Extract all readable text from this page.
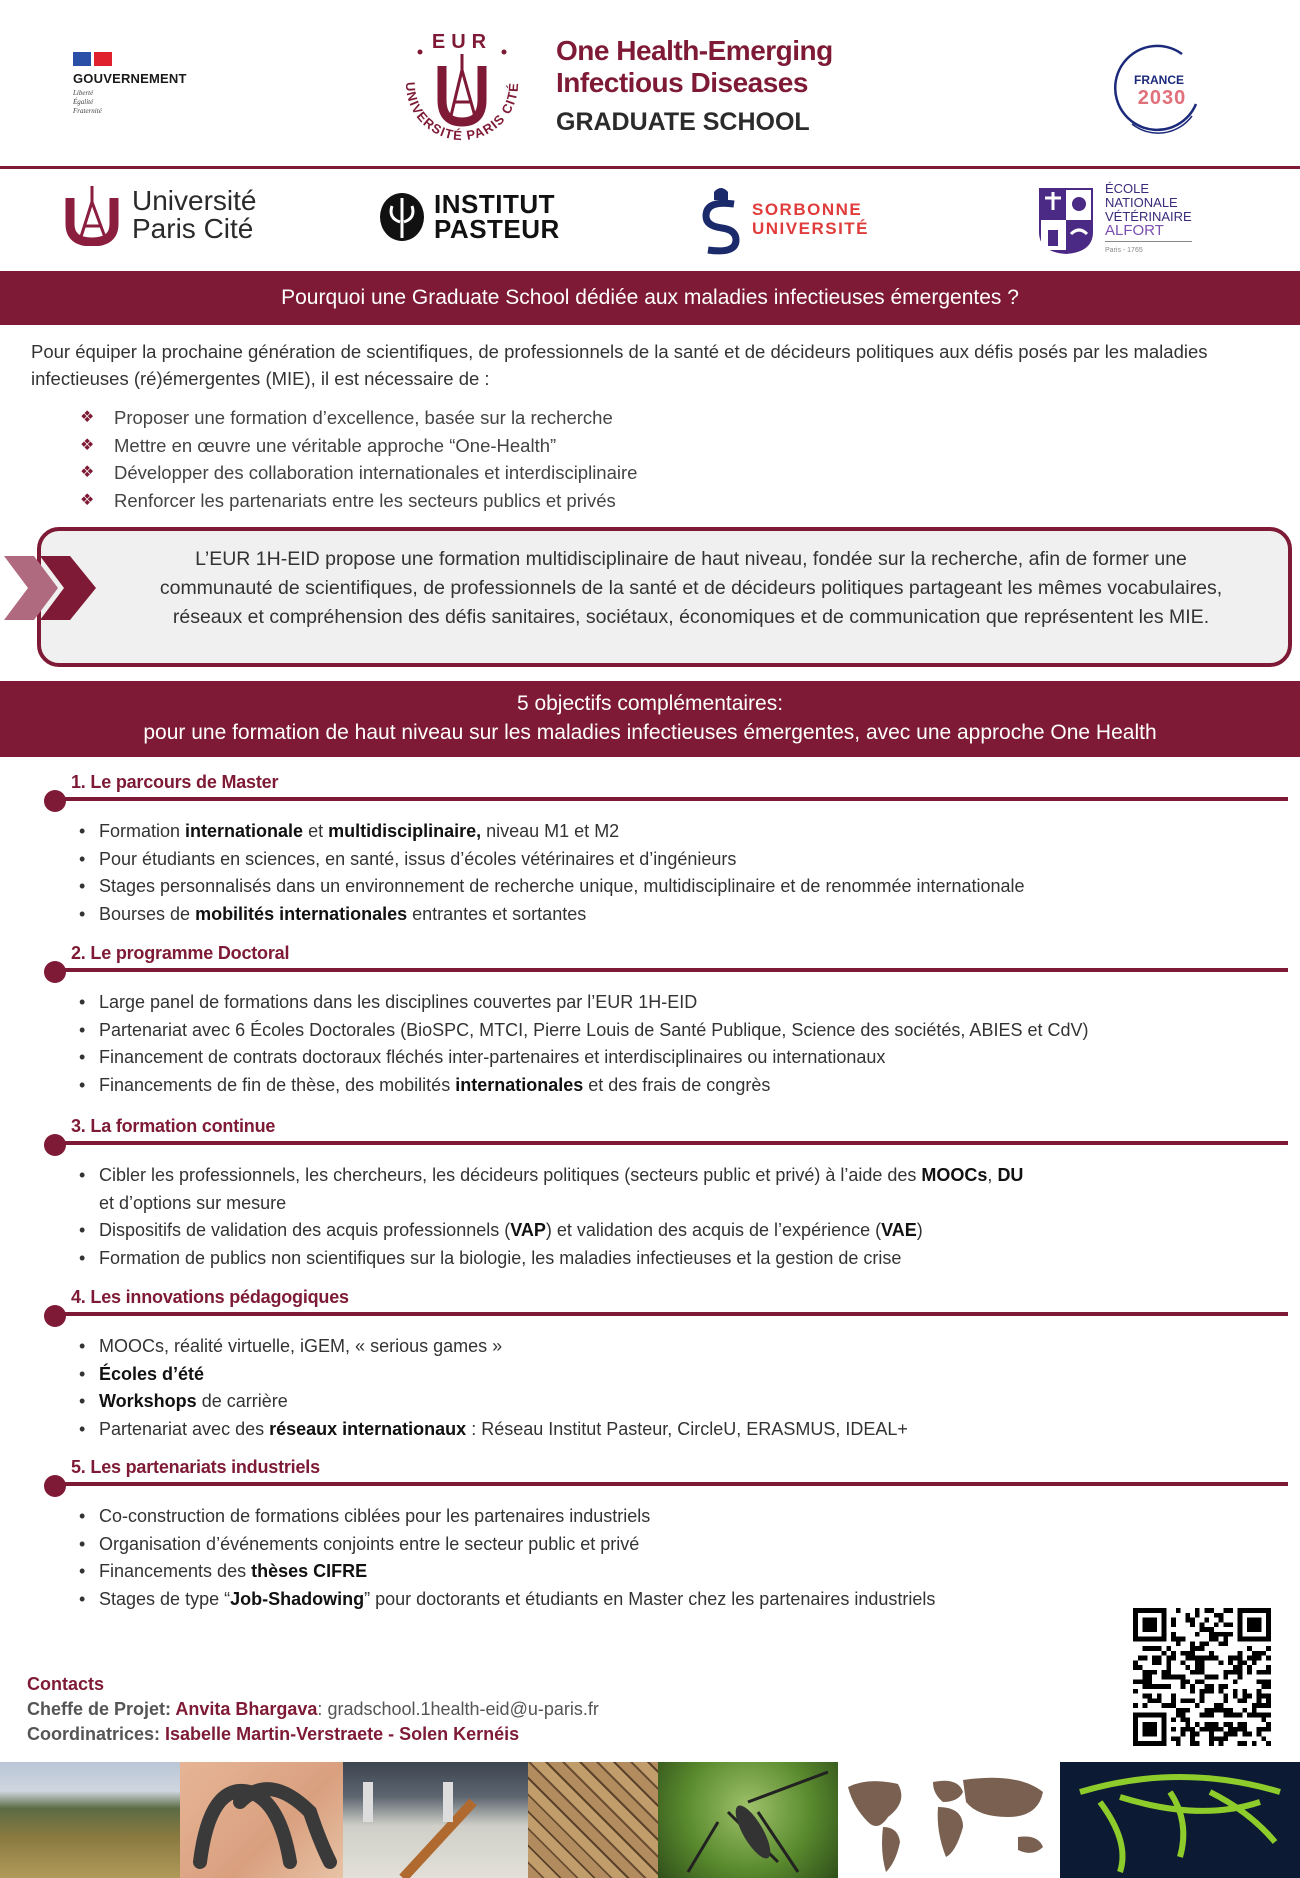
GOUVERNEMENT
Liberté
Égalité
Fraternité
EUR
UNIVERSITÉ PARIS CITÉ
One Health-Emerging
Infectious Diseases
GRADUATE SCHOOL
FRANCE
2030
Université
Paris Cité
INSTITUT
PASTEUR
SORBONNE
UNIVERSITÉ
ÉCOLE
NATIONALE
VÉTÉRINAIRE
ALFORT
Paris - 1765
Pourquoi une Graduate School dédiée aux maladies infectieuses émergentes ?
Pour équiper la prochaine génération de scientifiques, de professionnels de la santé et de décideurs politiques aux défis posés par les maladies infectieuses (ré)émergentes (MIE), il est nécessaire de :
❖	Proposer une formation d’excellence, basée sur la recherche
❖	Mettre en œuvre une véritable approche “One-Health”
❖	Développer des collaboration internationales et interdisciplinaire
❖	Renforcer les partenariats entre les secteurs publics et privés
L’EUR 1H-EID propose une formation multidisciplinaire de haut niveau, fondée sur la recherche, afin de former une communauté de scientifiques, de professionnels de la santé et de décideurs politiques partageant les mêmes vocabulaires, réseaux et compréhension des défis sanitaires, sociétaux, économiques et de communication que représentent les MIE.
5 objectifs complémentaires:
pour une formation de haut niveau sur les maladies infectieuses émergentes, avec une approche One Health
1. Le parcours de Master
• Formation internationale et multidisciplinaire, niveau M1 et M2
• Pour étudiants en sciences, en santé, issus d’écoles vétérinaires et d’ingénieurs
• Stages personnalisés dans un environnement de recherche unique, multidisciplinaire et de renommée internationale
• Bourses de mobilités internationales entrantes et sortantes
2. Le programme Doctoral
• Large panel de formations dans les disciplines couvertes par l’EUR 1H-EID
• Partenariat avec 6 Écoles Doctorales (BioSPC, MTCI, Pierre Louis de Santé Publique, Science des sociétés, ABIES et CdV)
• Financement de contrats doctoraux fléchés inter-partenaires et interdisciplinaires ou internationaux
• Financements de fin de thèse, des mobilités internationales et des frais de congrès
3. La formation continue
• Cibler les professionnels, les chercheurs, les décideurs politiques (secteurs public et privé) à l’aide des MOOCs, DU
et d’options sur mesure
• Dispositifs de validation des acquis professionnels (VAP) et validation des acquis de l’expérience (VAE)
• Formation de publics non scientifiques sur la biologie, les maladies infectieuses et la gestion de crise
4. Les innovations pédagogiques
• MOOCs, réalité virtuelle, iGEM, « serious games »
• Écoles d’été
• Workshops de carrière
• Partenariat avec des réseaux internationaux : Réseau Institut Pasteur, CircleU, ERASMUS, IDEAL+
5. Les partenariats industriels
• Co-construction de formations ciblées pour les partenaires industriels
• Organisation d’événements conjoints entre le secteur public et privé
• Financements des thèses CIFRE
• Stages de type “Job-Shadowing” pour doctorants et étudiants en Master chez les partenaires industriels
Contacts
Cheffe de Projet: Anvita Bhargava: gradschool.1health-eid@u-paris.fr
Coordinatrices: Isabelle Martin-Verstraete - Solen Kernéis
